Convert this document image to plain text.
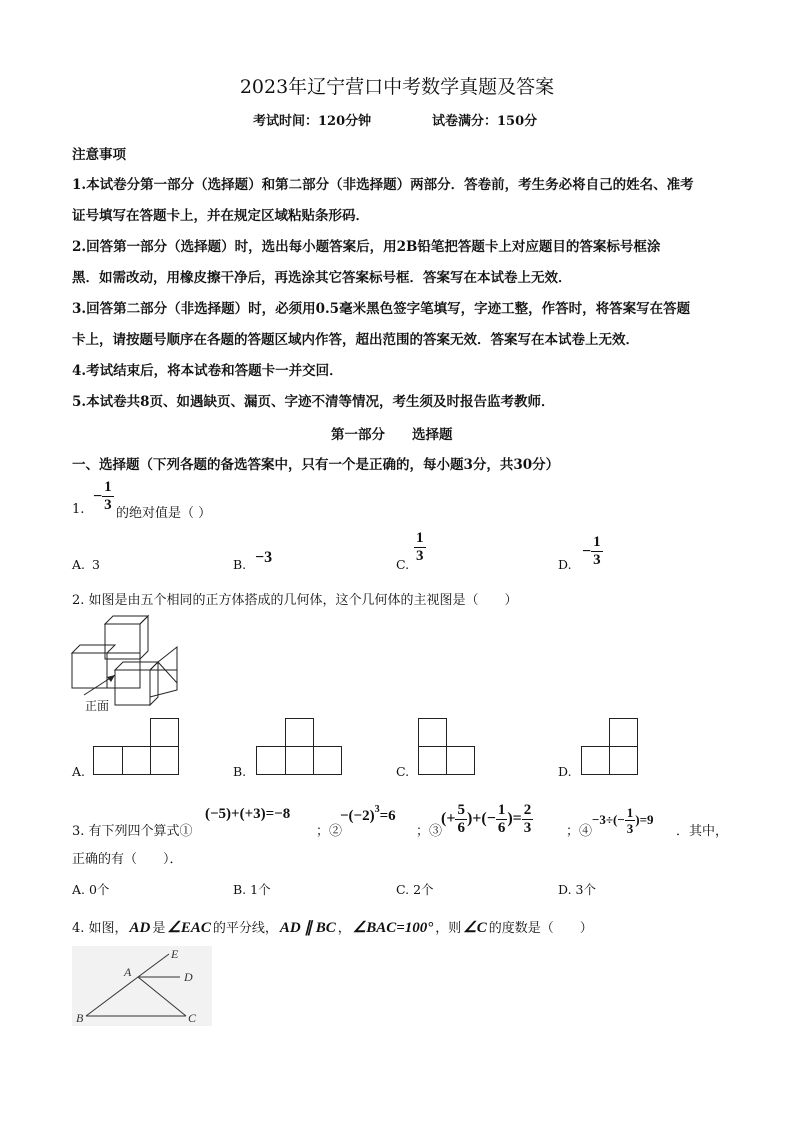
2023年辽宁营口中考数学真题及答案
考试时间：120分钟	试卷满分：150分
注意事项
1.本试卷分第一部分（选择题）和第二部分（非选择题）两部分．答卷前，考生务必将自己的姓名、准考
证号填写在答题卡上，并在规定区域粘贴条形码．
2.回答第一部分（选择题）时，选出每小题答案后，用2B铅笔把答题卡上对应题目的答案标号框涂
黑．如需改动，用橡皮擦干净后，再选涂其它答案标号框．答案写在本试卷上无效．
3.回答第二部分（非选择题）时，必须用0.5毫米黑色签字笔填写，字迹工整，作答时，将答案写在答题
卡上，请按题号顺序在各题的答题区域内作答，超出范围的答案无效．答案写在本试卷上无效．
4.考试结束后，将本试卷和答题卡一并交回．
5.本试卷共8页、如遇缺页、漏页、字迹不清等情况，考生须及时报告监考教师．
第一部分　　选择题
一、选择题（下列各题的备选答案中，只有一个是正确的，每小题3分，共30分）
1.
− $\frac{1}{3}$
的绝对值是（ ）
A. 3	B. −3	C.
$\frac{1}{3}$
D.
− $\frac{1}{3}$
2. 如图是由五个相同的正方体搭成的几何体，这个几何体的主视图是（　　）
正面
A.	B.	C.	D.
3. 有下列四个算式①
(−5)+(+3)=−8
；②
−(−2) 3 =6
；③
(+ $\frac{5}{6}$ )+(− $\frac{1}{6}$ )= $\frac{2}{3}$	；④
$-3\div(- \frac{1}{3} )=9$
．其中，
正确的有（　　）．
A. 0个	B. 1个	C. 2个	D. 3个
4. 如图， AD 是 ∠EAC 的平分线， AD ∥ BC ， ∠BAC=100° ，则 ∠C 的度数是（　　）
A
B	C
D
E
